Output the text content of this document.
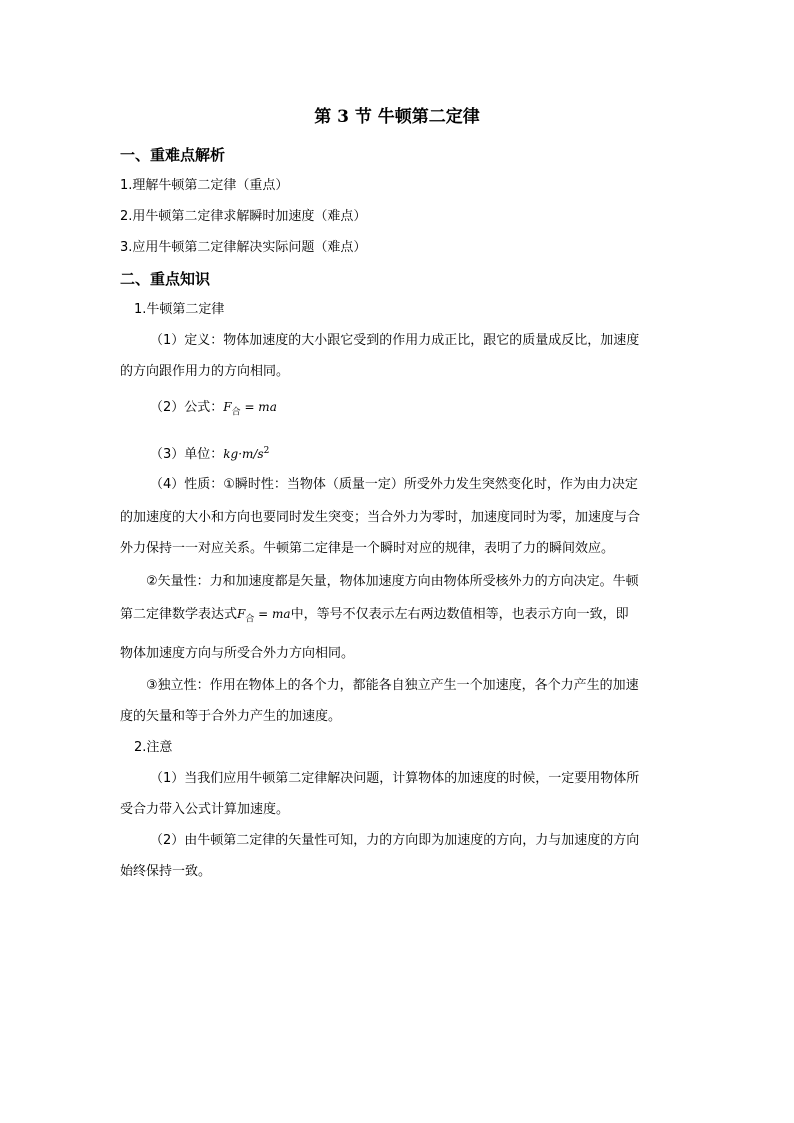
第 3 节 牛顿第二定律
一、重难点解析
1.理解牛顿第二定律（重点）
2.用牛顿第二定律求解瞬时加速度（难点）
3.应用牛顿第二定律解决实际问题（难点）
二、重点知识
1.牛顿第二定律
（1）定义：物体加速度的大小跟它受到的作用力成正比，跟它的质量成反比，加速度
的方向跟作用力的方向相同。
（2）公式：$F_合$ = ma
（3）单位：$kg\cdot m/s^2$
（4）性质：①瞬时性：当物体（质量一定）所受外力发生突然变化时，作为由力决定
的加速度的大小和方向也要同时发生突变；当合外力为零时，加速度同时为零，加速度与合
外力保持一一对应关系。牛顿第二定律是一个瞬时对应的规律，表明了力的瞬间效应。
②矢量性：力和加速度都是矢量，物体加速度方向由物体所受核外力的方向决定。牛顿
第二定律数学表达式$F_合$ = ma中，等号不仅表示左右两边数值相等，也表示方向一致，即
物体加速度方向与所受合外力方向相同。
③独立性：作用在物体上的各个力，都能各自独立产生一个加速度，各个力产生的加速
度的矢量和等于合外力产生的加速度。
2.注意
（1）当我们应用牛顿第二定律解决问题，计算物体的加速度的时候，一定要用物体所
受合力带入公式计算加速度。
（2）由牛顿第二定律的矢量性可知，力的方向即为加速度的方向，力与加速度的方向
始终保持一致。
